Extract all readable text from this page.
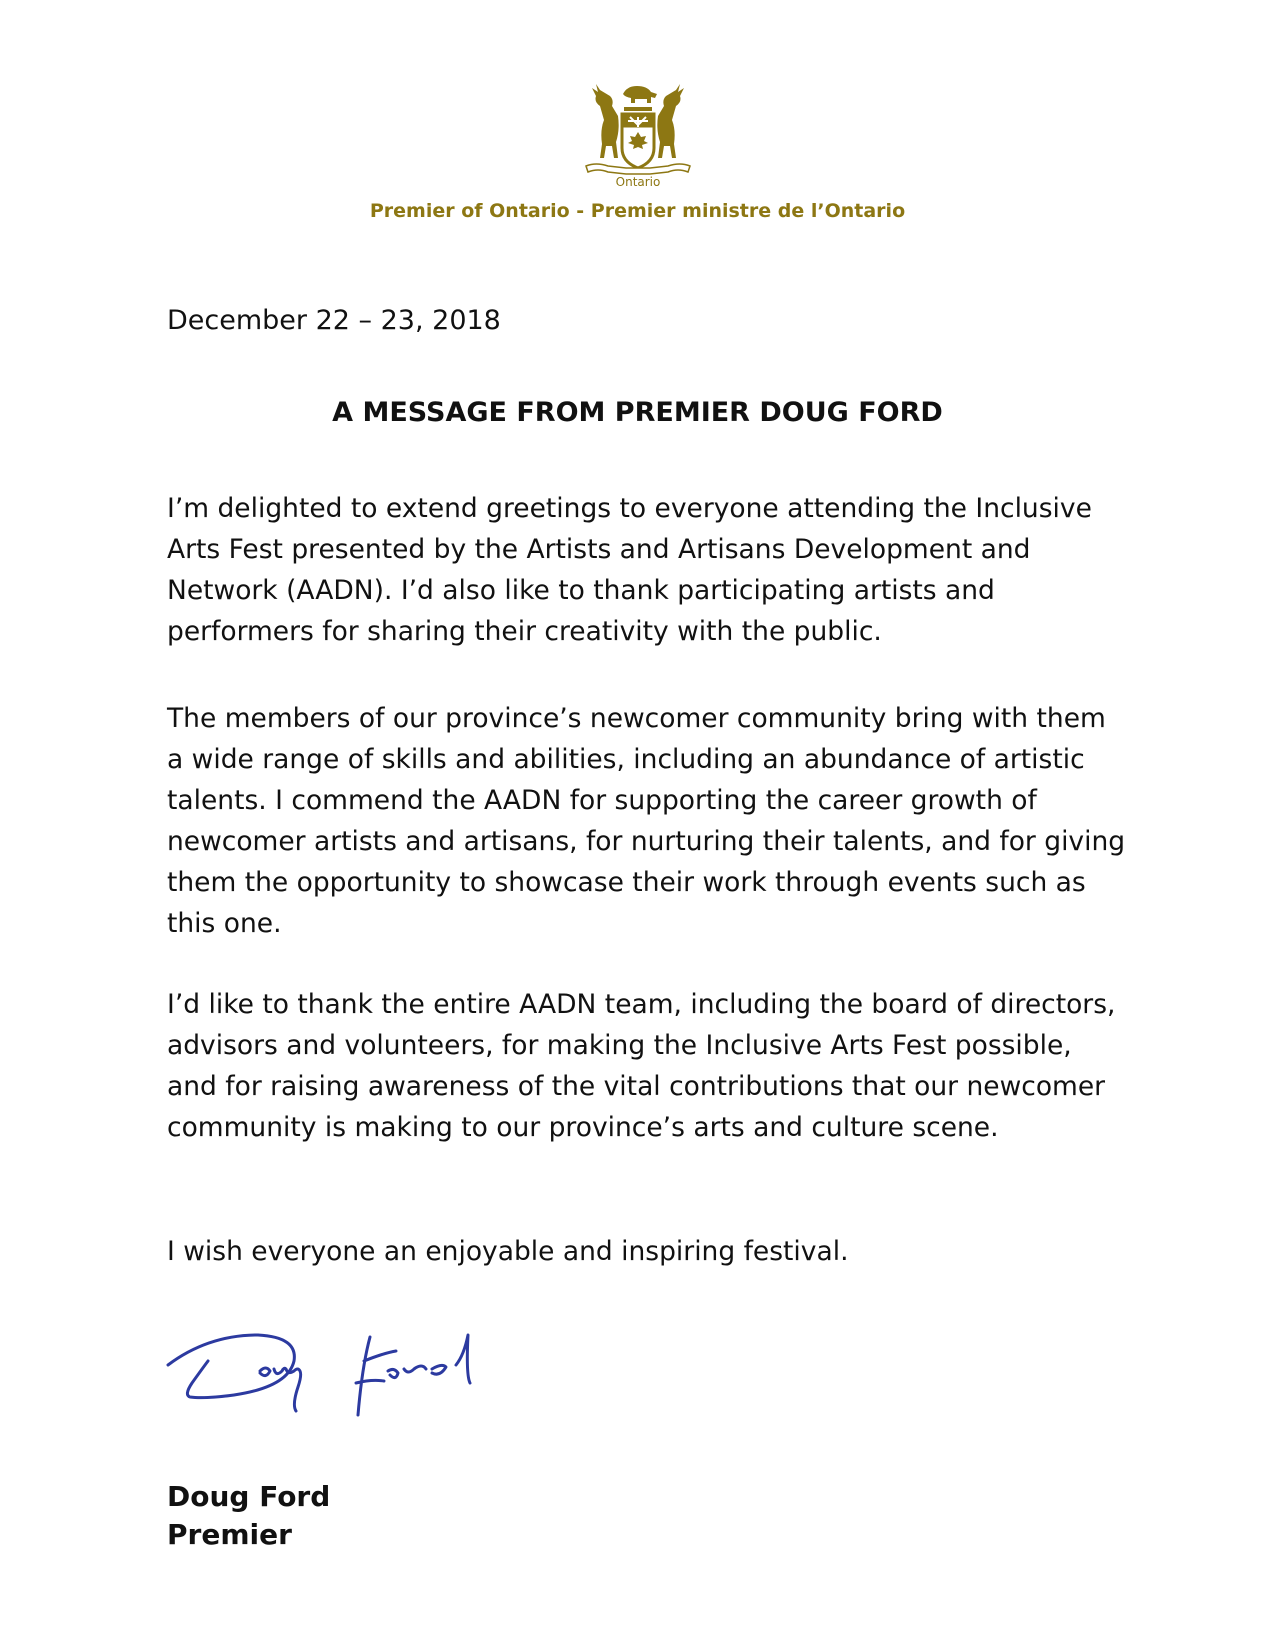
Ontario
Premier of Ontario - Premier ministre de l’Ontario
December 22 – 23, 2018
A MESSAGE FROM PREMIER DOUG FORD

I’m delighted to extend greetings to everyone attending the Inclusive Arts Fest presented by the Artists and Artisans Development and Network (AADN). I’d also like to thank participating artists and performers for sharing their creativity with the public.

The members of our province’s newcomer community bring with them a wide range of skills and abilities, including an abundance of artistic talents. I commend the AADN for supporting the career growth of newcomer artists and artisans, for nurturing their talents, and for giving them the opportunity to showcase their work through events such as this one.

I’d like to thank the entire AADN team, including the board of directors, advisors and volunteers, for making the Inclusive Arts Fest possible, and for raising awareness of the vital contributions that our newcomer community is making to our province’s arts and culture scene.

I wish everyone an enjoyable and inspiring festival.

Doug Ford
Premier
